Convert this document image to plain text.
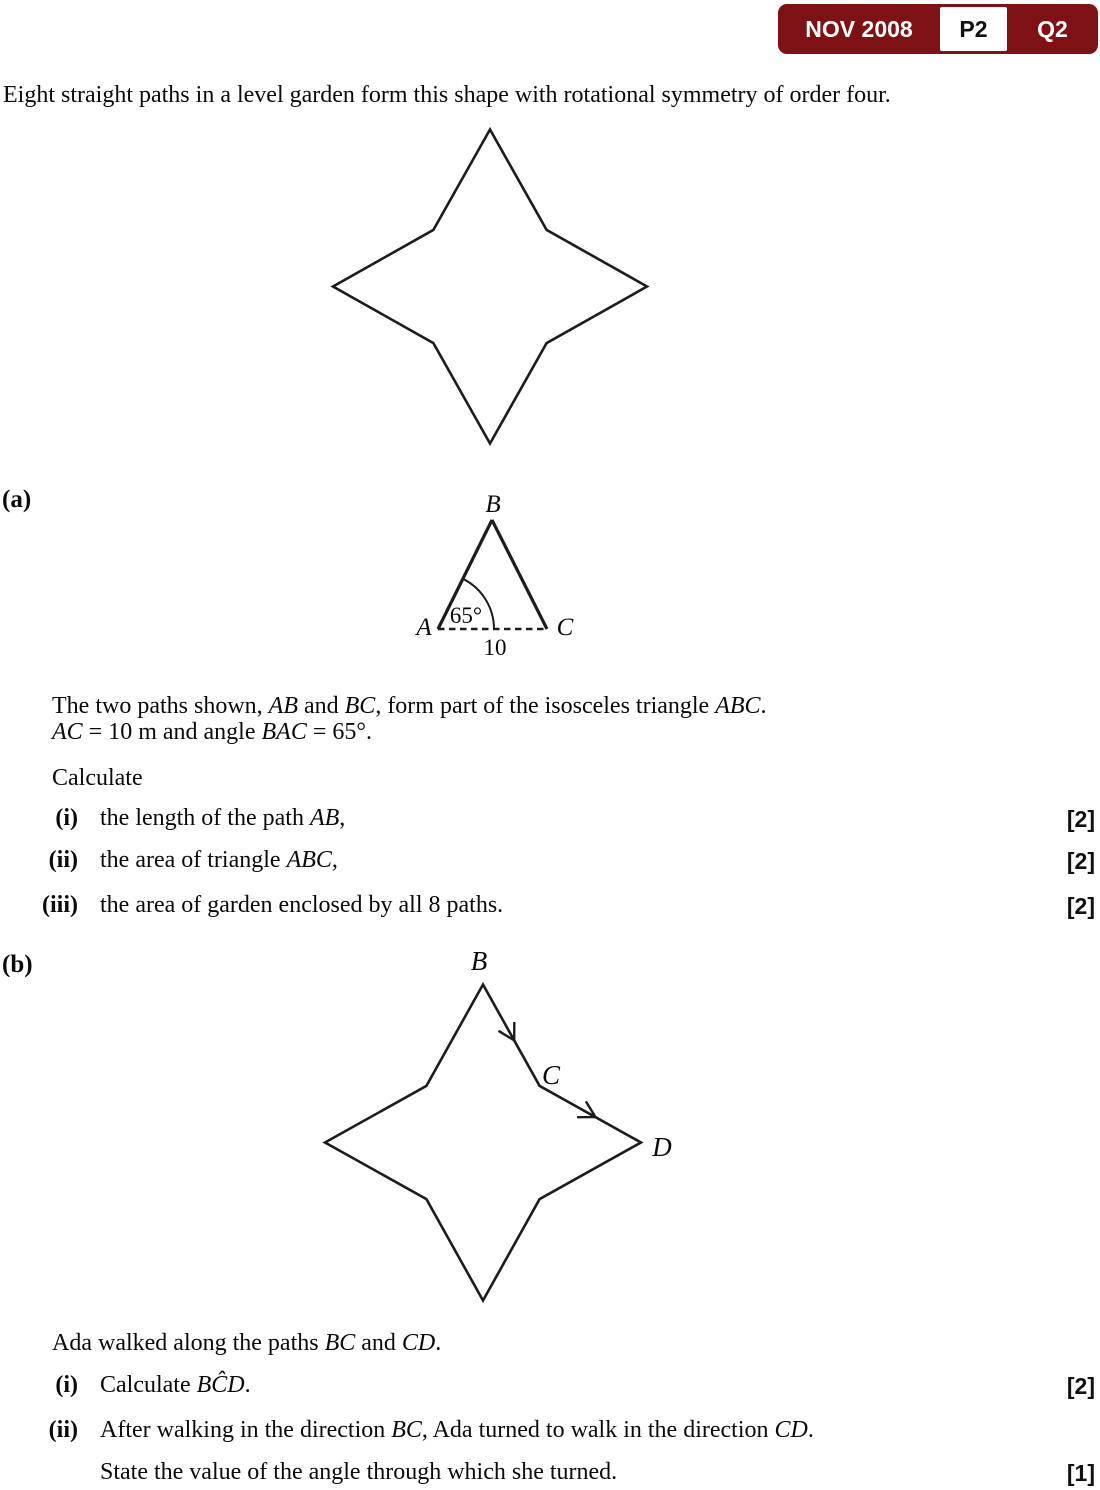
NOV 2008	P2	Q2
Eight straight paths in a level garden form this shape with rotational symmetry of order four.
(a)	B
A	C
65°
10
The two paths shown, AB and BC, form part of the isosceles triangle ABC.
AC = 10 m and angle BAC = 65°.
Calculate
(i) the length of the path AB,	[2]
(ii) the area of triangle ABC,	[2]
(iii) the area of garden enclosed by all 8 paths.	[2]
(b)	B
C
D
Ada walked along the paths BC and CD.
(i) Calculate BĈD.	[2]
(ii) After walking in the direction BC, Ada turned to walk in the direction CD.
State the value of the angle through which she turned.	[1]
